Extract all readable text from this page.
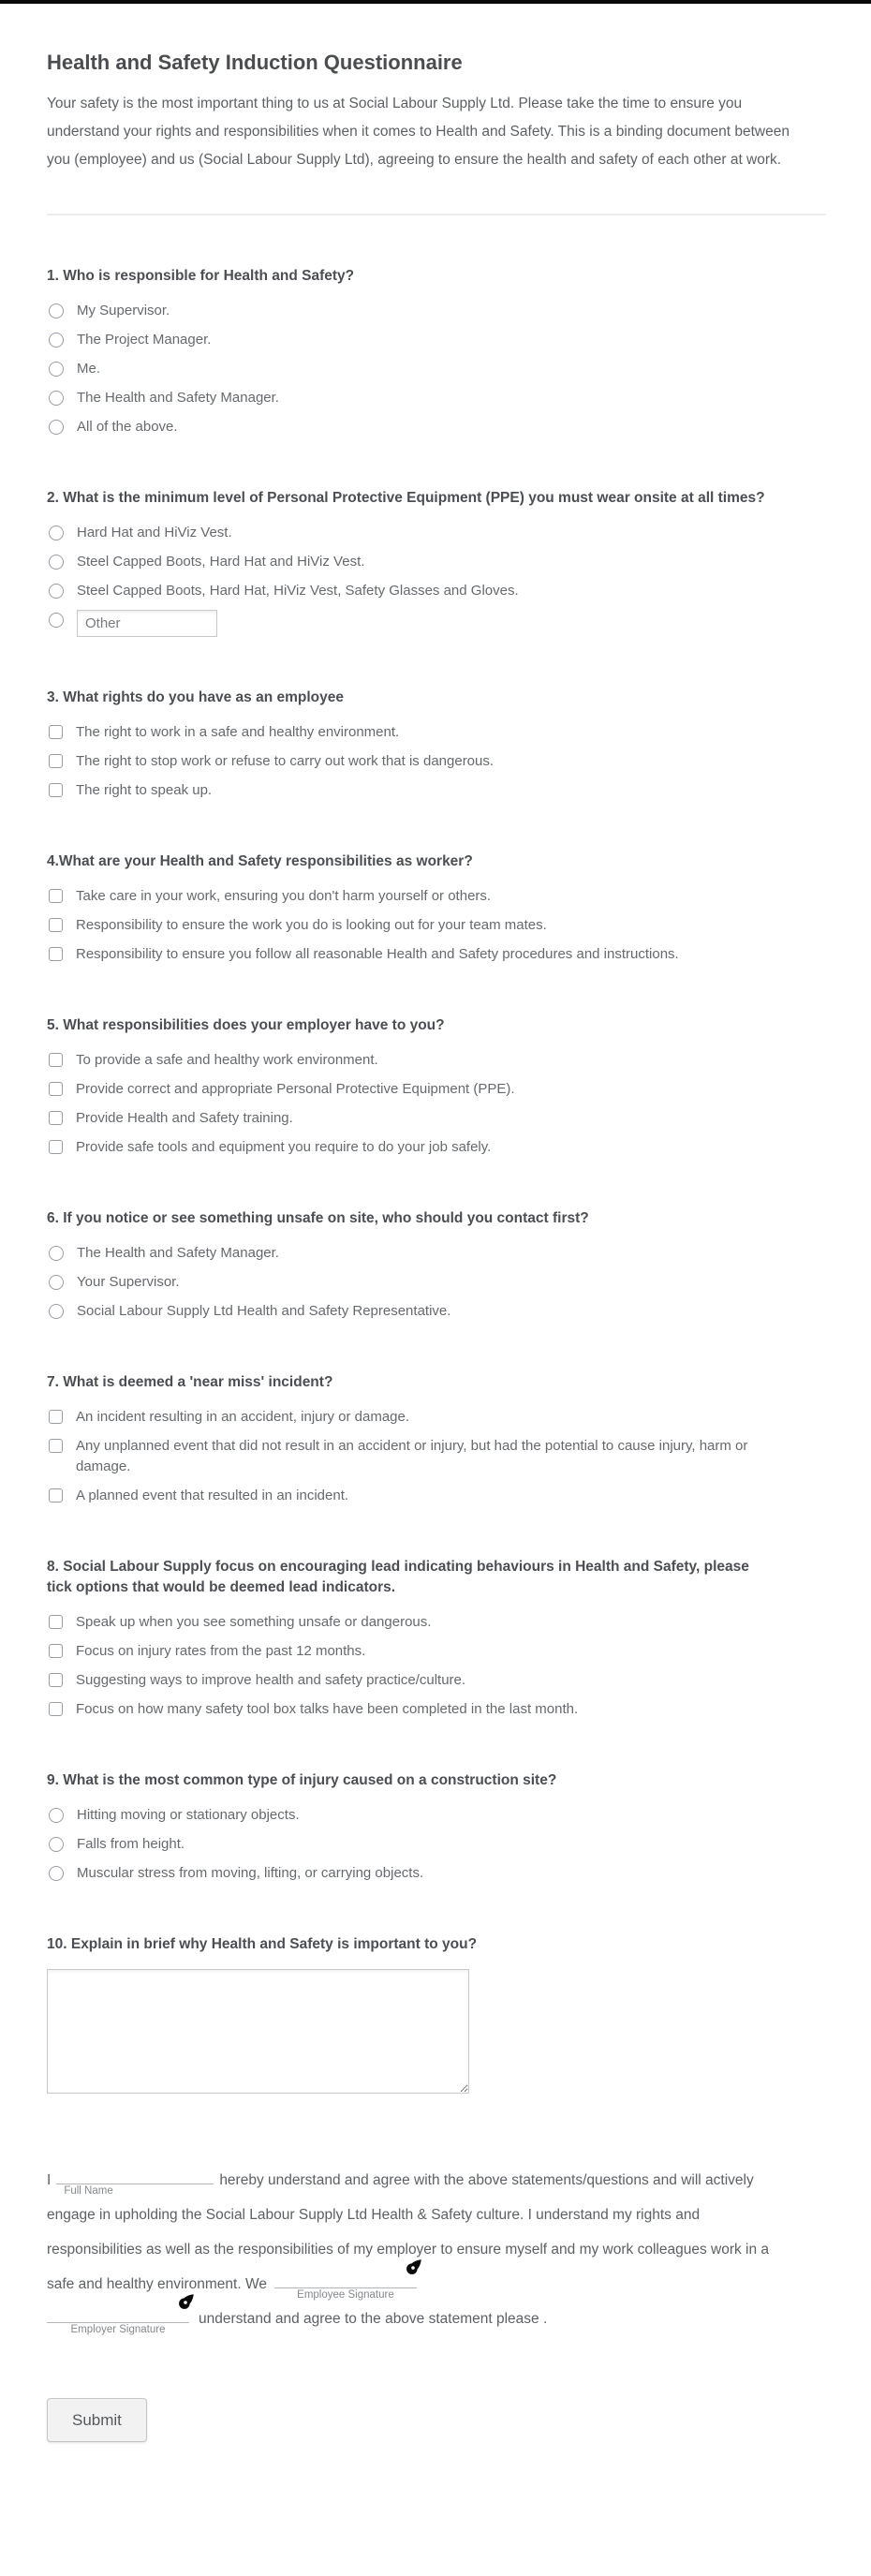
Health and Safety Induction Questionnaire

Your safety is the most important thing to us at Social Labour Supply Ltd. Please take the time to ensure you understand your rights and responsibilities when it comes to Health and Safety. This is a binding document between you (employee) and us (Social Labour Supply Ltd), agreeing to ensure the health and safety of each other at work.

1. Who is responsible for Health and Safety?
My Supervisor.
The Project Manager.
Me.
The Health and Safety Manager.
All of the above.
2. What is the minimum level of Personal Protective Equipment (PPE) you must wear onsite at all times?
Hard Hat and HiViz Vest.
Steel Capped Boots, Hard Hat and HiViz Vest.
Steel Capped Boots, Hard Hat, HiViz Vest, Safety Glasses and Gloves.
Other
3. What rights do you have as an employee
The right to work in a safe and healthy environment.
The right to stop work or refuse to carry out work that is dangerous.
The right to speak up.
4.What are your Health and Safety responsibilities as worker?
Take care in your work, ensuring you don't harm yourself or others.
Responsibility to ensure the work you do is looking out for your team mates.
Responsibility to ensure you follow all reasonable Health and Safety procedures and instructions.
5. What responsibilities does your employer have to you?
To provide a safe and healthy work environment.
Provide correct and appropriate Personal Protective Equipment (PPE).
Provide Health and Safety training.
Provide safe tools and equipment you require to do your job safely.
6. If you notice or see something unsafe on site, who should you contact first?
The Health and Safety Manager.
Your Supervisor.
Social Labour Supply Ltd Health and Safety Representative.
7. What is deemed a 'near miss' incident?
An incident resulting in an accident, injury or damage.
Any unplanned event that did not result in an accident or injury, but had the potential to cause injury, harm or damage.
A planned event that resulted in an incident.
8. Social Labour Supply focus on encouraging lead indicating behaviours in Health and Safety, please tick options that would be deemed lead indicators.
Speak up when you see something unsafe or dangerous.
Focus on injury rates from the past 12 months.
Suggesting ways to improve health and safety practice/culture.
Focus on how many safety tool box talks have been completed in the last month.
9. What is the most common type of injury caused on a construction site?
Hitting moving or stationary objects.
Falls from height.
Muscular stress from moving, lifting, or carrying objects.
10. Explain in brief why Health and Safety is important to you?
I
Full Name
hereby understand and agree with the above statements/questions and will actively engage in upholding the Social Labour Supply Ltd Health & Safety culture. I understand my rights and responsibilities as well as the responsibilities of my employer to ensure myself and my work colleagues work in a safe and healthy environment. We
Employee Signature

Employer Signature
understand and agree to the above statement please .
Submit
